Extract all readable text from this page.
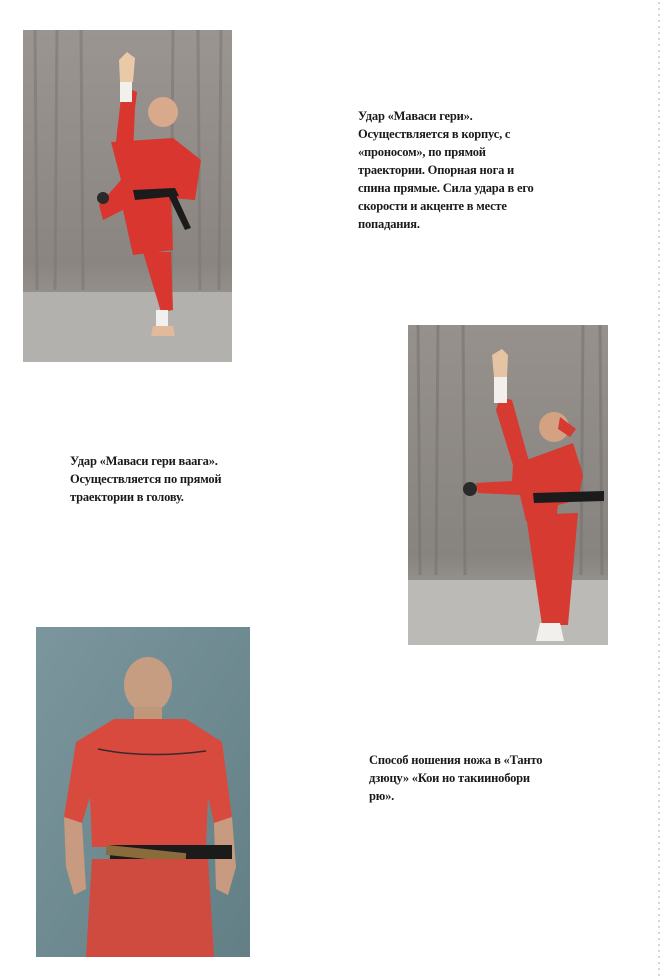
Удар «Маваси гери».
Осуществляется в корпус, с
«проносом», по прямой
траектории. Опорная нога и
спина прямые. Сила удара в его
скорости и акценте в месте
попадания.
Удар «Маваси гери ваага».
Осуществляется по прямой
траектории в голову.
Способ ношения ножа в «Танто
дзюцу» «Кои но такиинобори
рю».
